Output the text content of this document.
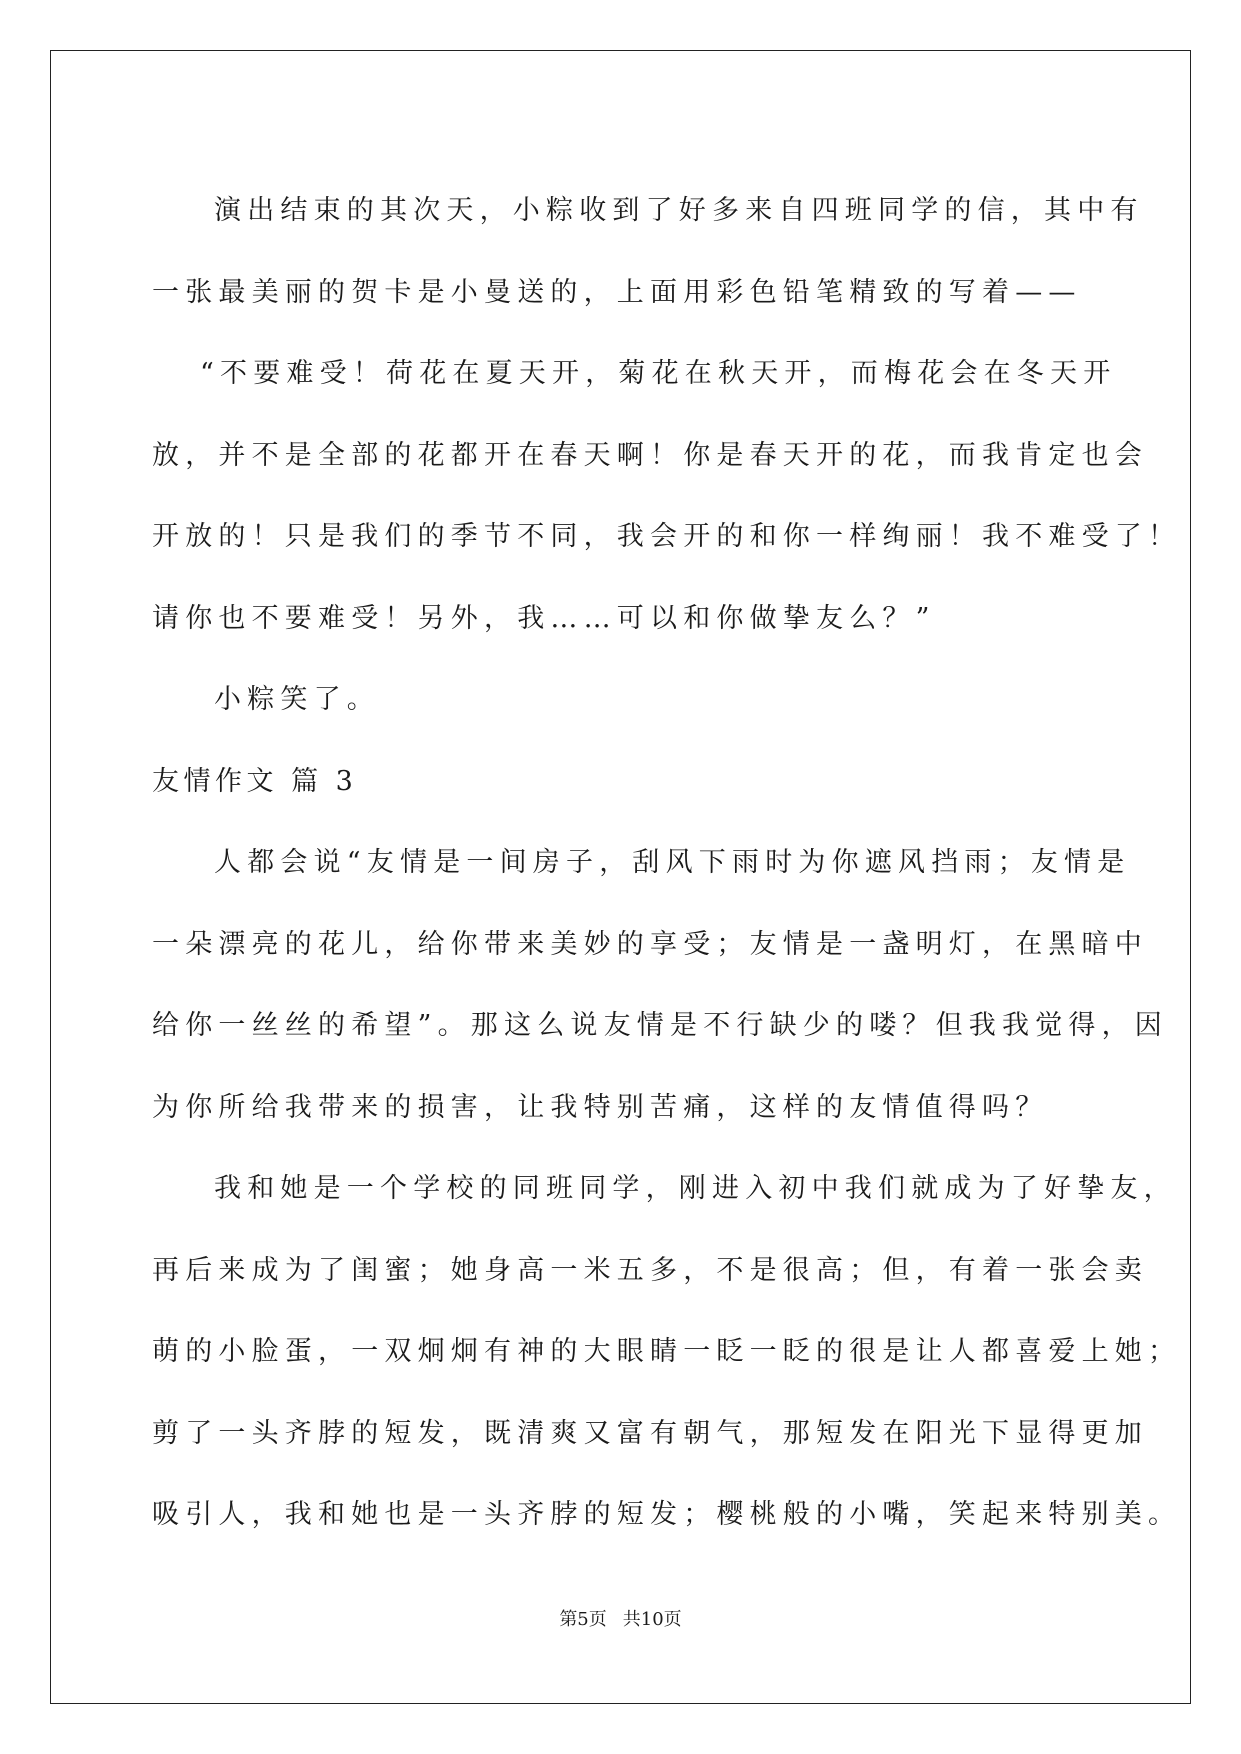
演出结束的其次天，小粽收到了好多来自四班同学的信，其中有
一张最美丽的贺卡是小曼送的，上面用彩色铅笔精致的写着——
“不要难受！荷花在夏天开，菊花在秋天开，而梅花会在冬天开
放，并不是全部的花都开在春天啊！你是春天开的花，而我肯定也会
开放的！只是我们的季节不同，我会开的和你一样绚丽！我不难受了！
请你也不要难受！另外，我……可以和你做挚友么？”
小粽笑了。
友情作文 篇 3
人都会说“友情是一间房子，刮风下雨时为你遮风挡雨；友情是
一朵漂亮的花儿，给你带来美妙的享受；友情是一盏明灯，在黑暗中
给你一丝丝的希望”。那这么说友情是不行缺少的喽？但我我觉得，因
为你所给我带来的损害，让我特别苦痛，这样的友情值得吗？
我和她是一个学校的同班同学，刚进入初中我们就成为了好挚友，
再后来成为了闺蜜；她身高一米五多，不是很高；但，有着一张会卖
萌的小脸蛋，一双炯炯有神的大眼睛一眨一眨的很是让人都喜爱上她；
剪了一头齐脖的短发，既清爽又富有朝气，那短发在阳光下显得更加
吸引人，我和她也是一头齐脖的短发；樱桃般的小嘴，笑起来特别美。
第5页 共10页
